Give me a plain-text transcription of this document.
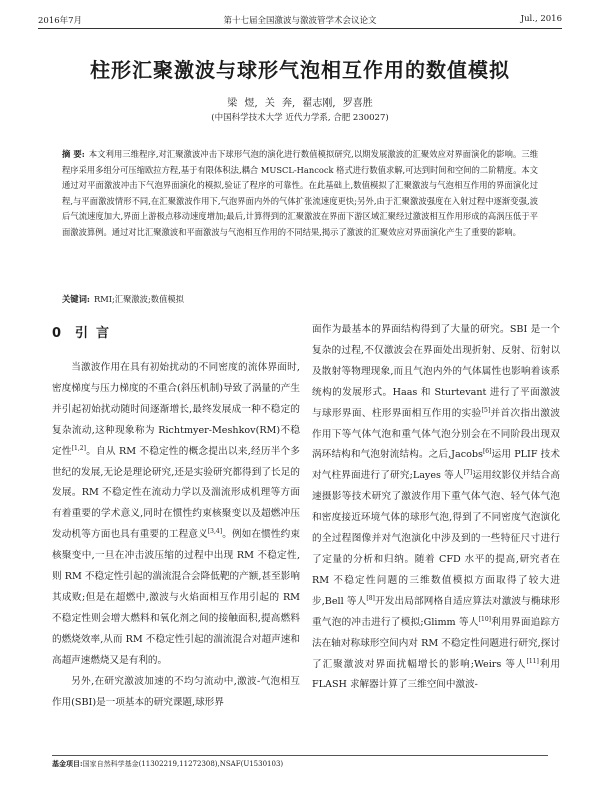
2016年7月	第十七届全国激波与激波管学术会议论文	Jul., 2016
柱形汇聚激波与球形气泡相互作用的数值模拟
梁 煜, 关 奔, 翟志刚, 罗喜胜
(中国科学技术大学 近代力学系, 合肥 230027)

摘 要: 本文利用三维程序,对汇聚激波冲击下球形气泡的演化进行数值模拟研究,以期发展激波的汇聚效应对界面演化的影响。三维程序采用多组分可压缩欧拉方程,基于有限体积法,耦合 MUSCL-Hancock 格式进行数值求解,可达到时间和空间的二阶精度。本文通过对平面激波冲击下气泡界面演化的模拟,验证了程序的可靠性。在此基础上,数值模拟了汇聚激波与气泡相互作用的界面演化过程,与平面激波情形不同,在汇聚激波作用下,气泡界面内外的气体扩张流速度更快;另外,由于汇聚激波强度在入射过程中逐渐变强,波后气流速度加大,界面上游极点移动速度增加;最后,计算得到的汇聚激波在界面下游区域汇聚经过激波相互作用形成的高涡压低于平面激波算例。通过对比汇聚激波和平面激波与气泡相互作用的不同结果,揭示了激波的汇聚效应对界面演化产生了重要的影响。

关键词: RMI;汇聚激波;数值模拟
0 引言

当激波作用在具有初始扰动的不同密度的流体界面时,密度梯度与压力梯度的不重合(斜压机制)导致了涡量的产生并引起初始扰动随时间逐渐增长,最终发展成一种不稳定的复杂流动,这种现象称为 Richtmyer-Meshkov(RM)不稳定性[1,2]。自从 RM 不稳定性的概念提出以来,经历半个多世纪的发展,无论是理论研究,还是实验研究都得到了长足的发展。RM 不稳定性在流动力学以及湍流形成机理等方面有着重要的学术意义,同时在惯性约束核聚变以及超燃冲压发动机等方面也具有重要的工程意义[3,4]。例如在惯性约束核聚变中,一旦在冲击波压缩的过程中出现 RM 不稳定性,则 RM 不稳定性引起的湍流混合会降低靶的产额,甚至影响其成败;但是在超燃中,激波与火焰面相互作用引起的 RM 不稳定性则会增大燃料和氧化剂之间的接触面积,提高燃料的燃烧效率,从而 RM 不稳定性引起的湍流混合对超声速和高超声速燃烧又是有利的。

另外,在研究激波加速的不均匀流动中,激波-气泡相互作用(SBI)是一项基本的研究课题,球形界

面作为最基本的界面结构得到了大量的研究。SBI 是一个复杂的过程,不仅激波会在界面处出现折射、反射、衍射以及散射等物理现象,而且气泡内外的气体属性也影响着该系统构的发展形式。Haas 和 Sturtevant 进行了平面激波与球形界面、柱形界面相互作用的实验[5]并首次指出激波作用下等气体气泡和重气体气泡分别会在不同阶段出现双涡环结构和气泡射流结构。之后,Jacobs[6]运用 PLIF 技术对气柱界面进行了研究;Layes 等人[7]运用纹影仪并结合高速摄影等技术研究了激波作用下重气体气泡、轻气体气泡和密度接近环境气体的球形气泡,得到了不同密度气泡演化的全过程图像并对气泡演化中涉及到的一些特征尺寸进行了定量的分析和归纳。随着 CFD 水平的提高,研究者在 RM 不稳定性问题的三维数值模拟方面取得了较大进步,Bell 等人[8]开发出局部网格自适应算法对激波与椭球形重气泡的冲击进行了模拟;Glimm 等人[10]利用界面追踪方法在轴对称球形空间内对 RM 不稳定性问题进行研究,探讨了汇聚激波对界面扰幅增长的影响;Weirs 等人[11]利用 FLASH 求解器计算了三维空间中激波-

基金项目:国家自然科学基金(11302219,11272308),NSAF(U1530103)
